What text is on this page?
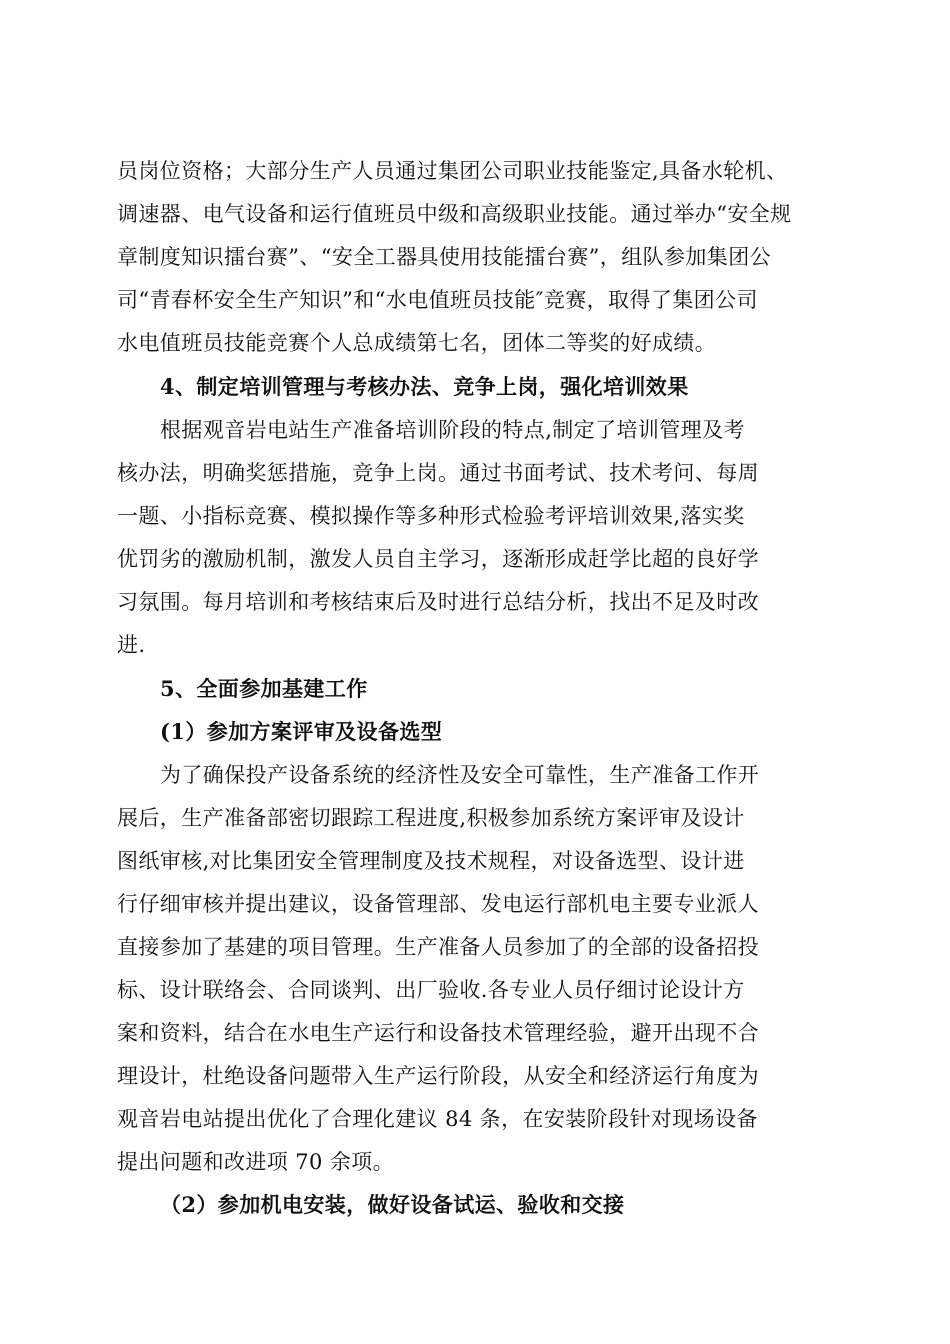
员岗位资格；大部分生产人员通过集团公司职业技能鉴定,具备水轮机、
调速器、电气设备和运行值班员中级和高级职业技能。通过举办“安全规
章制度知识擂台赛”、“安全工器具使用技能擂台赛”，组队参加集团公
司“青春杯安全生产知识”和“水电值班员技能″竞赛，取得了集团公司
水电值班员技能竞赛个人总成绩第七名，团体二等奖的好成绩。
4、制定培训管理与考核办法、竞争上岗，强化培训效果
根据观音岩电站生产准备培训阶段的特点,制定了培训管理及考
核办法，明确奖惩措施，竞争上岗。通过书面考试、技术考问、每周
一题、小指标竞赛、模拟操作等多种形式检验考评培训效果,落实奖
优罚劣的激励机制，激发人员自主学习，逐渐形成赶学比超的良好学
习氛围。每月培训和考核结束后及时进行总结分析，找出不足及时改
进.
5、全面参加基建工作
(1）参加方案评审及设备选型
为了确保投产设备系统的经济性及安全可靠性，生产准备工作开
展后，生产准备部密切跟踪工程进度,积极参加系统方案评审及设计
图纸审核,对比集团安全管理制度及技术规程，对设备选型、设计进
行仔细审核并提出建议，设备管理部、发电运行部机电主要专业派人
直接参加了基建的项目管理。生产准备人员参加了的全部的设备招投
标、设计联络会、合同谈判、出厂验收.各专业人员仔细讨论设计方
案和资料，结合在水电生产运行和设备技术管理经验，避开出现不合
理设计，杜绝设备问题带入生产运行阶段，从安全和经济运行角度为
观音岩电站提出优化了合理化建议 84 条，在安装阶段针对现场设备
提出问题和改进项 70 余项。
（2）参加机电安装，做好设备试运、验收和交接
